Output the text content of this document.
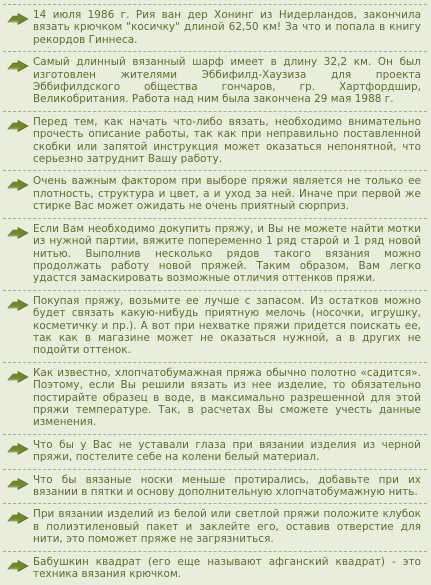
14 июля 1986 г. Рия ван дер Хонинг из Нидерландов, закончила вязать крючком "косичку" длиной 62,50 км! За что и попала в книгу рекордов Гиннеса.

Самый длинный вязанный шарф имеет в длину 32,2 км. Он был изготовлен жителями Эббифилд-Хаузиза для проекта Эббифилдского общества гончаров, гр. Хартфордшир, Великобритания. Работа над ним была закончена 29 мая 1988 г.

Перед тем, как начать что-либо вязать, необходимо внимательно прочесть описание работы, так как при неправильно поставленной скобки или запятой инструкция может оказаться непонятной, что серьезно затруднит Вашу работу.

Очень важным фактором при выборе пряжи является не только ее плотность, структура и цвет, а и уход за ней. Иначе при первой же стирке Вас может ожидать не очень приятный сюрприз.

Если Вам необходимо докупить пряжу, и Вы не можете найти мотки из нужной партии, вяжите попеременно 1 ряд старой и 1 ряд новой нитью. Выполнив несколько рядов такого вязания можно продолжать работу новой пряжей. Таким образом, Вам легко удастся замаскировать возможные отличия оттенков пряжи.

Покупая пряжу, возьмите ее лучше с запасом. Из остатков можно будет связать какую-нибудь приятную мелочь (носочки, игрушку, косметичку и пр.). А вот при нехватке пряжи придется поискать ее, так как в магазине может не оказаться нужной, а в других не подойти оттенок.

Как известно, хлопчатобумажная пряжа обычно полотно «садится». Поэтому, если Вы решили вязать из нее изделие, то обязательно постирайте образец в воде, в максимально разрешенной для этой пряжи температуре. Так, в расчетах Вы сможете учесть данные изменения.

Что бы у Вас не уставали глаза при вязании изделия из черной пряжи, постелите себе на колени белый материал.

Что бы вязаные носки меньше протирались, добавьте при их вязании в пятки и основу дополнительную хлопчатобумажную нить.

При вязании изделий из белой или светлой пряжи положите клубок в полиэтиленовый пакет и заклейте его, оставив отверстие для нити, это поможет пряже не загрязниться.

Бабушкин квадрат (его еще называют афганский квадрат) - это техника вязания крючком.
